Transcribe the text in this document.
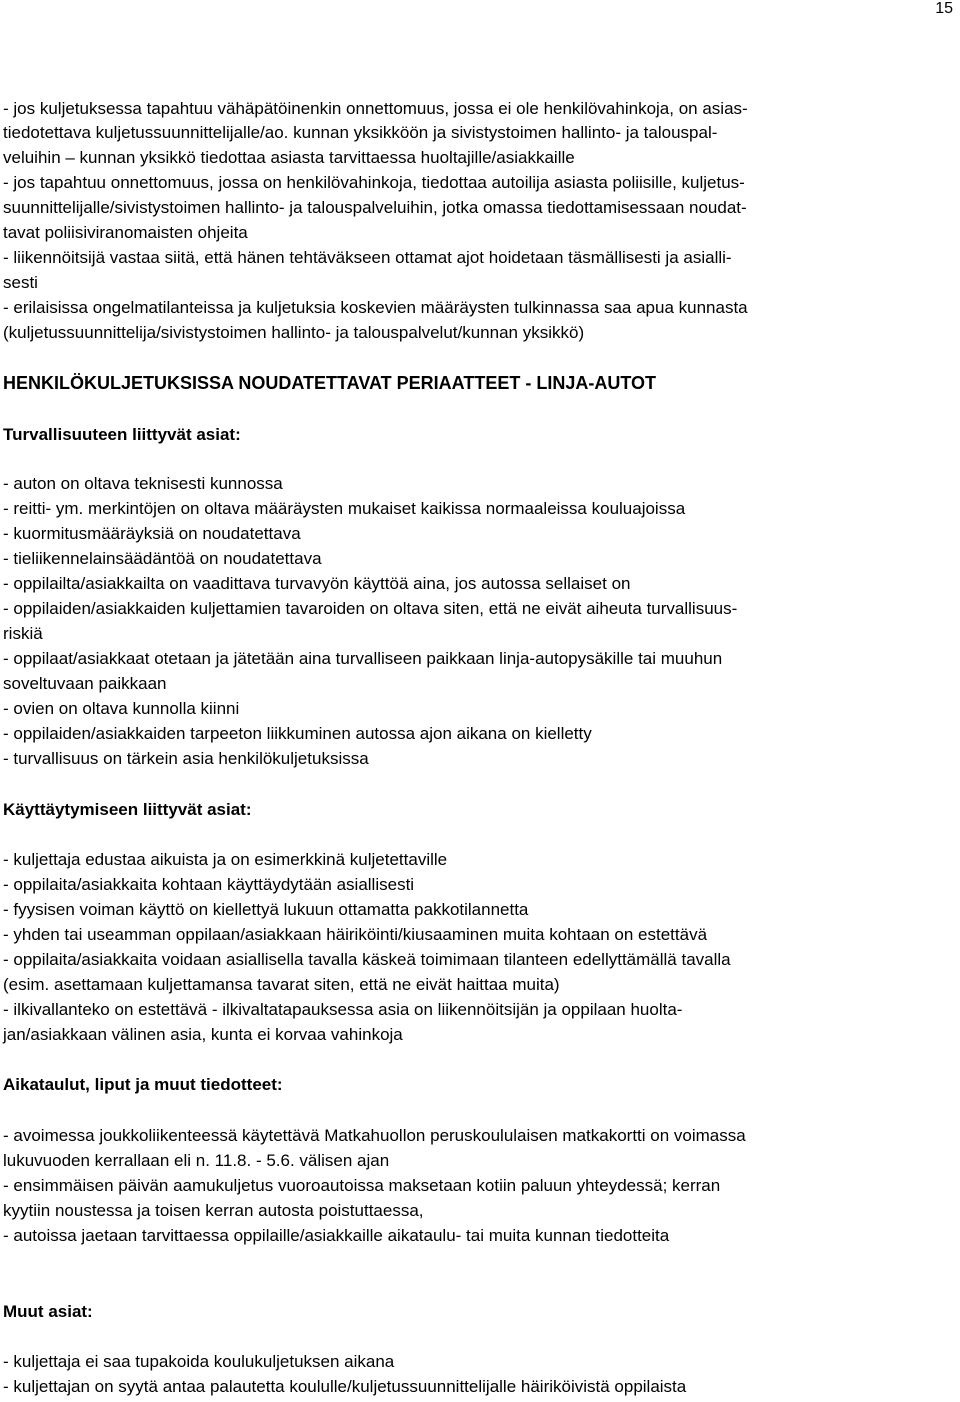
15
- jos kuljetuksessa tapahtuu vähäpätöinenkin onnettomuus, jossa ei ole henkilövahinkoja, on asias-
tiedotettava kuljetussuunnittelijalle/ao. kunnan yksikköön ja sivistystoimen hallinto- ja talouspal-
veluihin – kunnan yksikkö tiedottaa asiasta tarvittaessa huoltajille/asiakkaille
- jos tapahtuu onnettomuus, jossa on henkilövahinkoja, tiedottaa autoilija asiasta poliisille, kuljetus-
suunnittelijalle/sivistystoimen hallinto- ja talouspalveluihin, jotka omassa tiedottamisessaan noudat-
tavat poliisiviranomaisten ohjeita
- liikennöitsijä vastaa siitä, että hänen tehtäväkseen ottamat ajot hoidetaan täsmällisesti ja asialli-
sesti
- erilaisissa ongelmatilanteissa ja kuljetuksia koskevien määräysten tulkinnassa saa apua kunnasta
(kuljetussuunnittelija/sivistystoimen hallinto- ja talouspalvelut/kunnan yksikkö)
HENKILÖKULJETUKSISSA NOUDATETTAVAT PERIAATTEET - LINJA-AUTOT
Turvallisuuteen liittyvät asiat:
- auton on oltava teknisesti kunnossa
- reitti- ym. merkintöjen on oltava määräysten mukaiset kaikissa normaaleissa kouluajoissa
- kuormitusmääräyksiä on noudatettava
- tieliikennelainsäädäntöä on noudatettava
- oppilailta/asiakkailta on vaadittava turvavyön käyttöä aina, jos autossa sellaiset on
- oppilaiden/asiakkaiden kuljettamien tavaroiden on oltava siten, että ne eivät aiheuta turvallisuus-
riskiä
- oppilaat/asiakkaat otetaan ja jätetään aina turvalliseen paikkaan linja-autopysäkille tai muuhun
soveltuvaan paikkaan
- ovien on oltava kunnolla kiinni
- oppilaiden/asiakkaiden tarpeeton liikkuminen autossa ajon aikana on kielletty
- turvallisuus on tärkein asia henkilökuljetuksissa
Käyttäytymiseen liittyvät asiat:
- kuljettaja edustaa aikuista ja on esimerkkinä kuljetettaville
- oppilaita/asiakkaita kohtaan käyttäydytään asiallisesti
- fyysisen voiman käyttö on kiellettyä lukuun ottamatta pakkotilannetta
- yhden tai useamman oppilaan/asiakkaan häiriköinti/kiusaaminen muita kohtaan on estettävä
- oppilaita/asiakkaita voidaan asiallisella tavalla käskeä toimimaan tilanteen edellyttämällä tavalla
(esim. asettamaan kuljettamansa tavarat siten, että ne eivät haittaa muita)
- ilkivallanteko on estettävä - ilkivaltatapauksessa asia on liikennöitsijän ja oppilaan huolta-
jan/asiakkaan välinen asia, kunta ei korvaa vahinkoja
Aikataulut, liput ja muut tiedotteet:
- avoimessa joukkoliikenteessä käytettävä Matkahuollon peruskoululaisen matkakortti on voimassa
lukuvuoden kerrallaan eli n. 11.8. - 5.6. välisen ajan
- ensimmäisen päivän aamukuljetus vuoroautoissa maksetaan kotiin paluun yhteydessä; kerran
kyytiin noustessa ja toisen kerran autosta poistuttaessa,
- autoissa jaetaan tarvittaessa oppilaille/asiakkaille aikataulu- tai muita kunnan tiedotteita
Muut asiat:
- kuljettaja ei saa tupakoida koulukuljetuksen aikana
- kuljettajan on syytä antaa palautetta koululle/kuljetussuunnittelijalle häiriköivistä oppilaista
